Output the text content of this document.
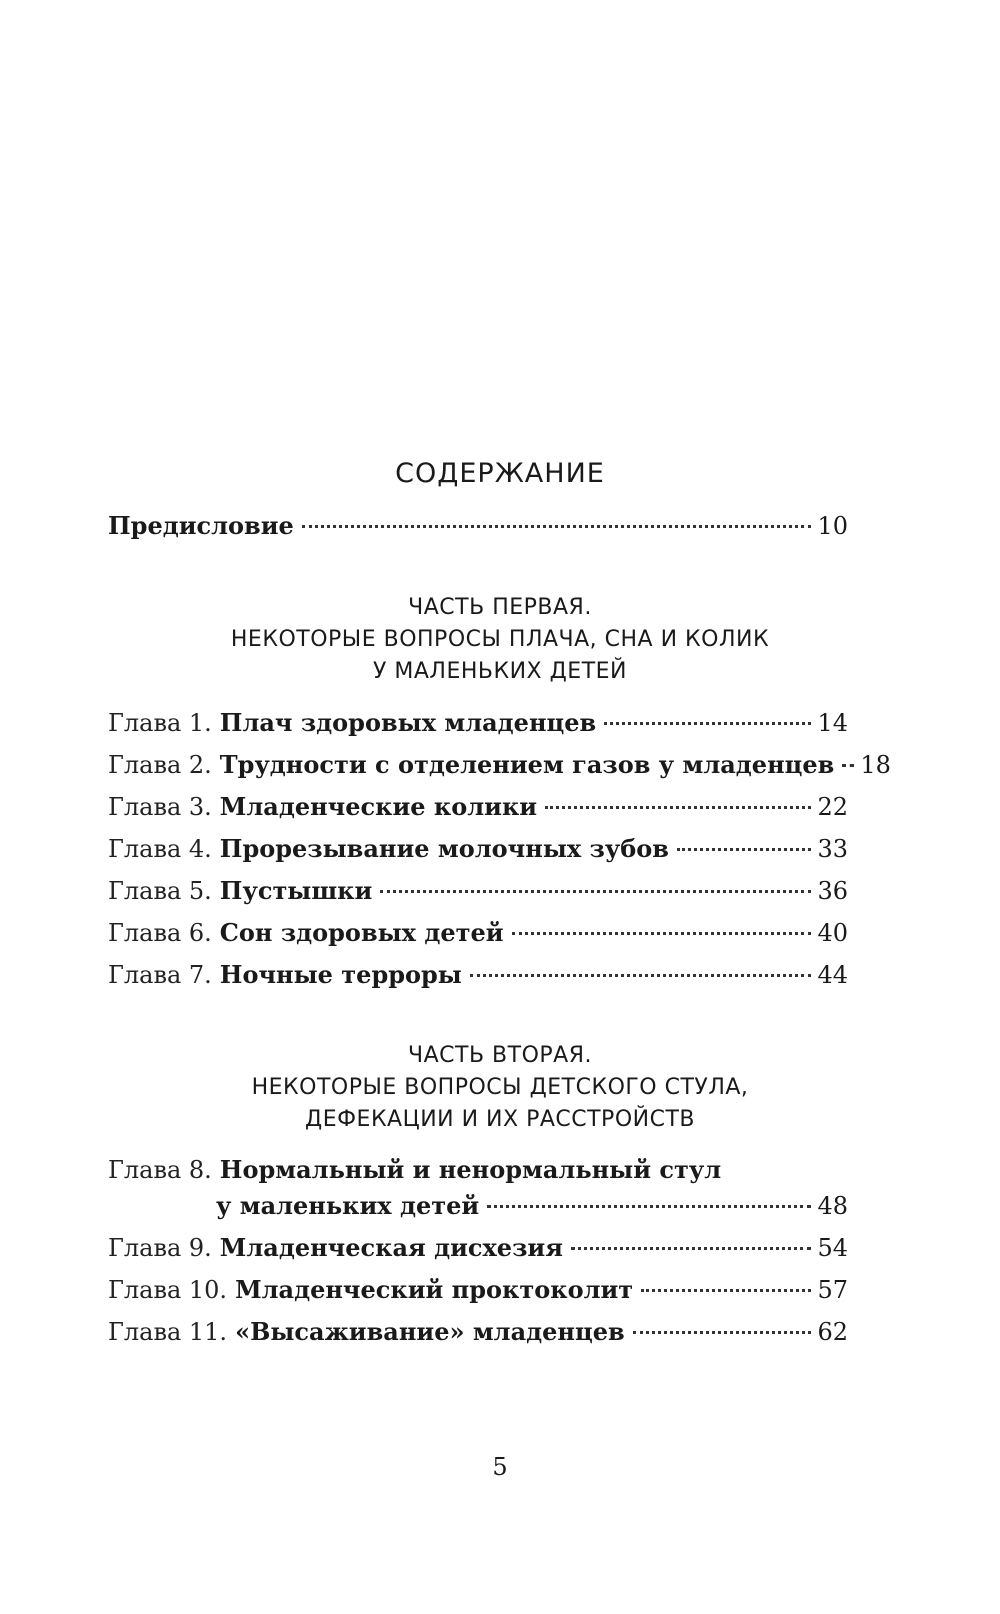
СОДЕРЖАНИЕ
Предисловие	10
ЧАСТЬ ПЕРВАЯ.
НЕКОТОРЫЕ ВОПРОСЫ ПЛАЧА, СНА И КОЛИК
У МАЛЕНЬКИХ ДЕТЕЙ
Глава 1. Плач здоровых младенцев	14
Глава 2. Трудности с отделением газов у младенцев 18
Глава 3. Младенческие колики	22
Глава 4. Прорезывание молочных зубов	33
Глава 5. Пустышки	36
Глава 6. Сон здоровых детей	40
Глава 7. Ночные терроры	44
ЧАСТЬ ВТОРАЯ.
НЕКОТОРЫЕ ВОПРОСЫ ДЕТСКОГО СТУЛА,
ДЕФЕКАЦИИ И ИХ РАССТРОЙСТВ
Глава 8. Нормальный и ненормальный стул
у маленьких детей	48
Глава 9. Младенческая дисхезия	54
Глава 10. Младенческий проктоколит	57
Глава 11. «Высаживание» младенцев	62
5
